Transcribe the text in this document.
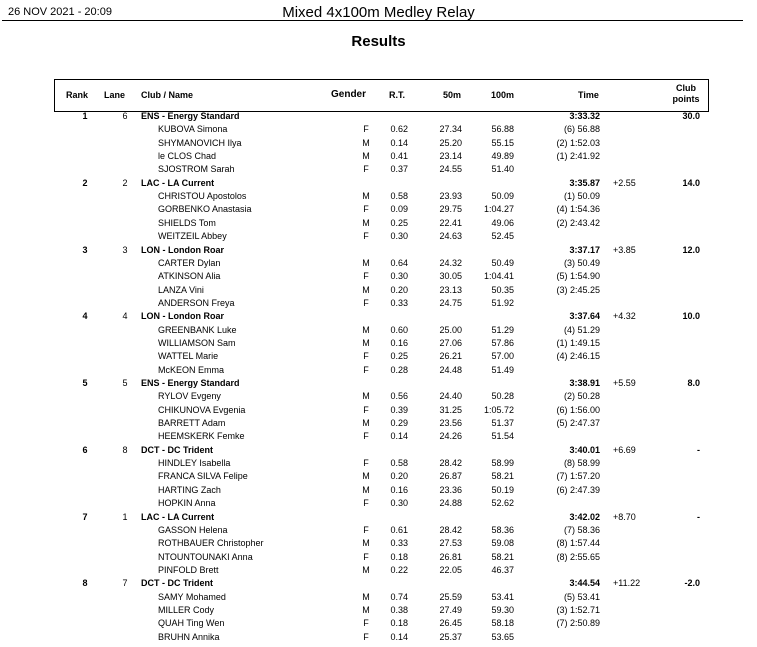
26 NOV 2021 - 20:09	Mixed 4x100m Medley Relay
Results
Rank Lane Club / Name	Gender	R.T.	50m	100m	Time
Club
points
1	6	ENS - Energy Standard	3:33.32	30.0
KUBOVA Simona	F	0.62	27.34	56.88	(6) 56.88
SHYMANOVICH Ilya	M	0.14	25.20	55.15	(2) 1:52.03
le CLOS Chad	M	0.41	23.14	49.89	(1) 2:41.92
SJOSTROM Sarah	F	0.37	24.55	51.40
2	2	LAC - LA Current	3:35.87 +2.55	14.0
CHRISTOU Apostolos	M	0.58	23.93	50.09	(1) 50.09
GORBENKO Anastasia	F	0.09	29.75	1:04.27	(4) 1:54.36
SHIELDS Tom	M	0.25	22.41	49.06	(2) 2:43.42
WEITZEIL Abbey	F	0.30	24.63	52.45
3	3	LON - London Roar	3:37.17 +3.85	12.0
CARTER Dylan	M	0.64	24.32	50.49	(3) 50.49
ATKINSON Alia	F	0.30	30.05	1:04.41	(5) 1:54.90
LANZA Vini	M	0.20	23.13	50.35	(3) 2:45.25
ANDERSON Freya	F	0.33	24.75	51.92
4	4	LON - London Roar	3:37.64 +4.32	10.0
GREENBANK Luke	M	0.60	25.00	51.29	(4) 51.29
WILLIAMSON Sam	M	0.16	27.06	57.86	(1) 1:49.15
WATTEL Marie	F	0.25	26.21	57.00	(4) 2:46.15
McKEON Emma	F	0.28	24.48	51.49
5	5	ENS - Energy Standard	3:38.91 +5.59	8.0
RYLOV Evgeny	M	0.56	24.40	50.28	(2) 50.28
CHIKUNOVA Evgenia	F	0.39	31.25	1:05.72	(6) 1:56.00
BARRETT Adam	M	0.29	23.56	51.37	(5) 2:47.37
HEEMSKERK Femke	F	0.14	24.26	51.54
6	8	DCT - DC Trident	3:40.01 +6.69	-
HINDLEY Isabella	F	0.58	28.42	58.99	(8) 58.99
FRANCA SILVA Felipe	M	0.20	26.87	58.21	(7) 1:57.20
HARTING Zach	M	0.16	23.36	50.19	(6) 2:47.39
HOPKIN Anna	F	0.30	24.88	52.62
7	1	LAC - LA Current	3:42.02 +8.70	-
GASSON Helena	F	0.61	28.42	58.36	(7) 58.36
ROTHBAUER Christopher	M	0.33	27.53	59.08	(8) 1:57.44
NTOUNTOUNAKI Anna	F	0.18	26.81	58.21	(8) 2:55.65
PINFOLD Brett	M	0.22	22.05	46.37
8	7	DCT - DC Trident	3:44.54 +11.22	-2.0
SAMY Mohamed	M	0.74	25.59	53.41	(5) 53.41
MILLER Cody	M	0.38	27.49	59.30	(3) 1:52.71
QUAH Ting Wen	F	0.18	26.45	58.18	(7) 2:50.89
BRUHN Annika	F	0.14	25.37	53.65
